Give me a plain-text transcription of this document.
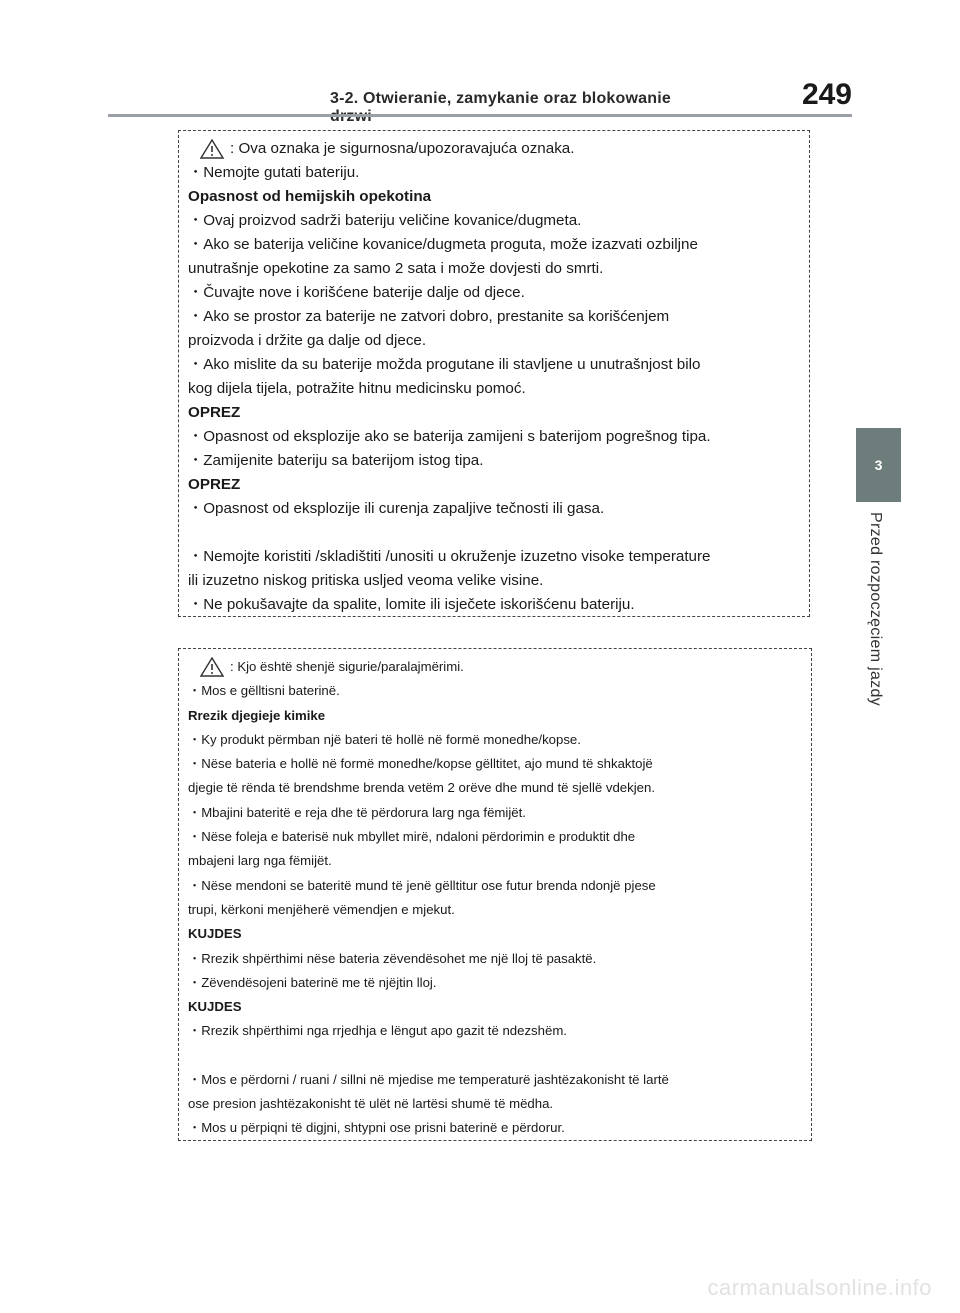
3-2. Otwieranie, zamykanie oraz blokowanie	249
3
Przed rozpoczęciem jazdy
: Ova oznaka je sigurnosna/upozoravajuća oznaka.
・ Nemojte gutati bateriju.
Opasnost od hemijskih opekotina
・ Ovaj proizvod sadrži bateriju veličine kovanice/dugmeta.
・ Ako se baterija veličine kovanice/dugmeta proguta, može izazvati ozbiljne
unutrašnje opekotine za samo 2 sata i može dovjesti do smrti.
・ Čuvajte nove i korišćene baterije dalje od djece.
・ Ako se prostor za baterije ne zatvori dobro, prestanite sa korišćenjem
proizvoda i držite ga dalje od djece.
・ Ako mislite da su baterije možda progutane ili stavljene u unutrašnjost bilo
kog dijela tijela, potražite hitnu medicinsku pomoć.
OPREZ
・ Opasnost od eksplozije ako se baterija zamijeni s baterijom pogrešnog tipa.
・ Zamijenite bateriju sa baterijom istog tipa.
OPREZ
・ Opasnost od eksplozije ili curenja zapaljive tečnosti ili gasa.
・ Nemojte koristiti /skladištiti /unositi u okruženje izuzetno visoke temperature
ili izuzetno niskog pritiska usljed veoma velike visine.
・ Ne pokušavajte da spalite, lomite ili isječete iskorišćenu bateriju.
: Kjo është shenjë sigurie/paralajmërimi.
・ Mos e gëlltisni baterinë.
Rrezik djegieje kimike
・ Ky produkt përmban një bateri të hollë në formë monedhe/kopse.
・ Nëse bateria e hollë në formë monedhe/kopse gëlltitet, ajo mund të shkaktojë
djegie të rënda të brendshme brenda vetëm 2 orëve dhe mund të sjellë vdekjen.
・ Mbajini bateritë e reja dhe të përdorura larg nga fëmijët.
・ Nëse foleja e baterisë nuk mbyllet mirë, ndaloni përdorimin e produktit dhe
mbajeni larg nga fëmijët.
・ Nëse mendoni se bateritë mund të jenë gëlltitur ose futur brenda ndonjë pjese
trupi, kërkoni menjëherë vëmendjen e mjekut.
KUJDES
・ Rrezik shpërthimi nëse bateria zëvendësohet me një lloj të pasaktë.
・ Zëvendësojeni baterinë me të njëjtin lloj.
KUJDES
・ Rrezik shpërthimi nga rrjedhja e lëngut apo gazit të ndezshëm.
・ Mos e përdorni / ruani / sillni në mjedise me temperaturë jashtëzakonisht të lartë
ose presion jashtëzakonisht të ulët në lartësi shumë të mëdha.
・ Mos u përpiqni të digjni, shtypni ose prisni baterinë e përdorur.
carmanualsonline.info
